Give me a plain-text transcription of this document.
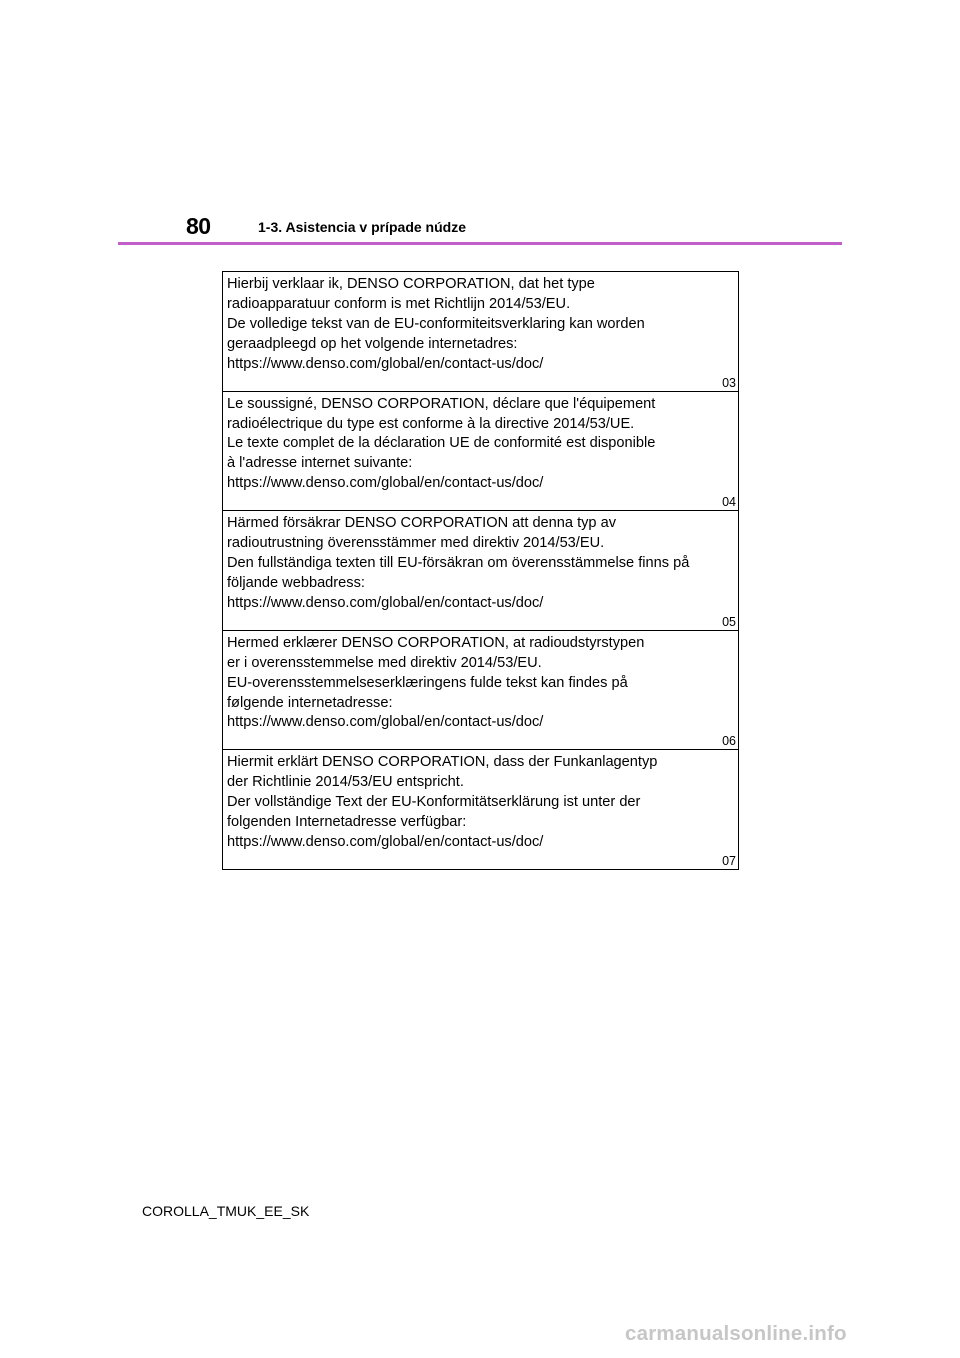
80	1-3. Asistencia v prípade núdze
Hierbij verklaar ik, DENSO CORPORATION, dat het type
radioapparatuur conform is met Richtlijn 2014/53/EU.
De volledige tekst van de EU-conformiteitsverklaring kan worden
geraadpleegd op het volgende internetadres:
https://www.denso.com/global/en/contact-us/doc/
03
Le soussigné, DENSO CORPORATION, déclare que l'équipement
radioélectrique du type est conforme à la directive 2014/53/UE.
Le texte complet de la déclaration UE de conformité est disponible
à l'adresse internet suivante:
https://www.denso.com/global/en/contact-us/doc/
04
Härmed försäkrar DENSO CORPORATION att denna typ av
radioutrustning överensstämmer med direktiv 2014/53/EU.
Den fullständiga texten till EU-försäkran om överensstämmelse finns på
följande webbadress:
https://www.denso.com/global/en/contact-us/doc/
05
Hermed erklærer DENSO CORPORATION, at radioudstyrstypen
er i overensstemmelse med direktiv 2014/53/EU.
EU-overensstemmelseserklæringens fulde tekst kan findes på
følgende internetadresse:
https://www.denso.com/global/en/contact-us/doc/
06
Hiermit erklärt DENSO CORPORATION, dass der Funkanlagentyp
der Richtlinie 2014/53/EU entspricht.
Der vollständige Text der EU-Konformitätserklärung ist unter der
folgenden Internetadresse verfügbar:
https://www.denso.com/global/en/contact-us/doc/
07
COROLLA_TMUK_EE_SK
carmanualsonline.info
